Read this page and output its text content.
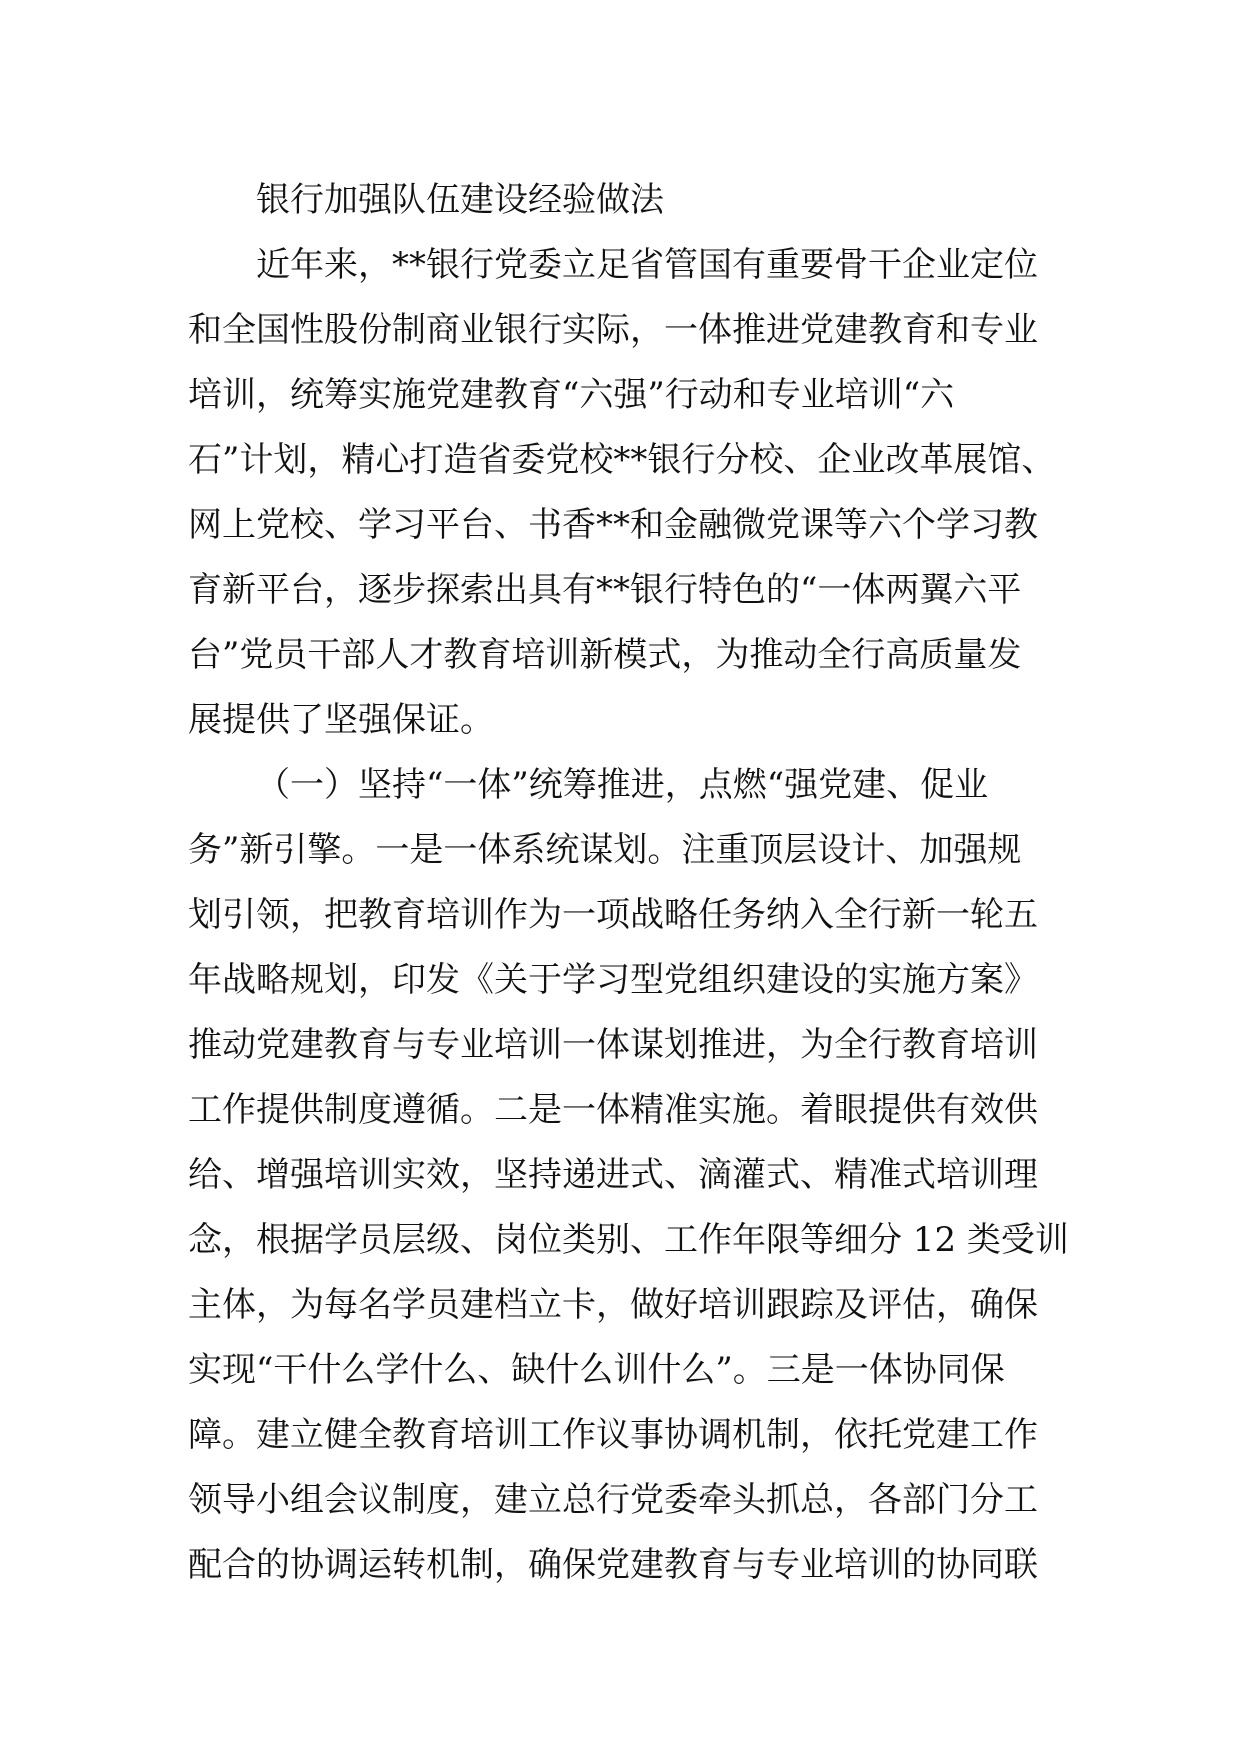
银行加强队伍建设经验做法
近年来，**银行党委立足省管国有重要骨干企业定位
和全国性股份制商业银行实际，一体推进党建教育和专业
培训，统筹实施党建教育“六强”行动和专业培训“六
石”计划，精心打造省委党校**银行分校、企业改革展馆、
网上党校、学习平台、书香**和金融微党课等六个学习教
育新平台，逐步探索出具有**银行特色的“一体两翼六平
台”党员干部人才教育培训新模式，为推动全行高质量发
展提供了坚强保证。
（一）坚持“一体”统筹推进，点燃“强党建、促业
务”新引擎。一是一体系统谋划。注重顶层设计、加强规
划引领，把教育培训作为一项战略任务纳入全行新一轮五
年战略规划，印发《关于学习型党组织建设的实施方案》
推动党建教育与专业培训一体谋划推进，为全行教育培训
工作提供制度遵循。二是一体精准实施。着眼提供有效供
给、增强培训实效，坚持递进式、滴灌式、精准式培训理
念，根据学员层级、岗位类别、工作年限等细分 12 类受训
主体，为每名学员建档立卡，做好培训跟踪及评估，确保
实现“干什么学什么、缺什么训什么”。三是一体协同保
障。建立健全教育培训工作议事协调机制，依托党建工作
领导小组会议制度，建立总行党委牵头抓总，各部门分工
配合的协调运转机制，确保党建教育与专业培训的协同联
